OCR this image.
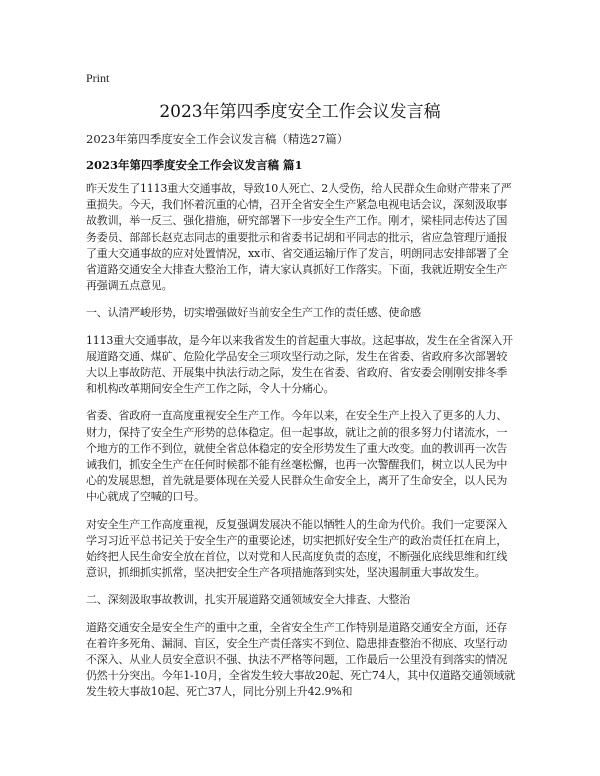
Print
2023年第四季度安全工作会议发言稿
2023年第四季度安全工作会议发言稿（精选27篇）
2023年第四季度安全工作会议发言稿 篇1

昨天发生了1113重大交通事故，导致10人死亡、2人受伤，给人民群众生命财产带来了严重损失。今天，我们怀着沉重的心情，召开全省安全生产紧急电视电话会议，深刻汲取事故教训，举一反三、强化措施，研究部署下一步安全生产工作。刚才，梁桂同志传达了国务委员、部部长赵克志同志的重要批示和省委书记胡和平同志的批示，省应急管理厅通报了重大交通事故的应对处置情况，xx市、省交通运输厅作了发言，明朗同志安排部署了全省道路交通安全大排查大整治工作，请大家认真抓好工作落实。下面，我就近期安全生产再强调五点意见。

一、认清严峻形势，切实增强做好当前安全生产工作的责任感、使命感

1113重大交通事故，是今年以来我省发生的首起重大事故。这起事故，发生在全省深入开展道路交通、煤矿、危险化学品安全三项攻坚行动之际，发生在省委、省政府多次部署较大以上事故防范、开展集中执法行动之际，发生在省委、省政府、省安委会刚刚安排冬季和机构改革期间安全生产工作之际，令人十分痛心。

省委、省政府一直高度重视安全生产工作。今年以来，在安全生产上投入了更多的人力、财力，保持了安全生产形势的总体稳定。但一起事故，就让之前的很多努力付诸流水，一个地方的工作不到位，就使全省总体稳定的安全形势发生了重大改变。血的教训再一次告诫我们，抓安全生产在任何时候都不能有丝毫松懈，也再一次警醒我们，树立以人民为中心的发展思想，首先就是要体现在关爱人民群众生命安全上，离开了生命安全，以人民为中心就成了空喊的口号。

对安全生产工作高度重视，反复强调发展决不能以牺牲人的生命为代价。我们一定要深入学习习近平总书记关于安全生产的重要论述，切实把抓好安全生产的政治责任扛在肩上，始终把人民生命安全放在首位，以对党和人民高度负责的态度，不断强化底线思维和红线意识，抓细抓实抓常，坚决把安全生产各项措施落到实处，坚决遏制重大事故发生。

二、深刻汲取事故教训，扎实开展道路交通领域安全大排查、大整治

道路交通安全是安全生产的重中之重，全省安全生产工作特别是道路交通安全方面，还存在着许多死角、漏洞、盲区，安全生产责任落实不到位、隐患排查整治不彻底、攻坚行动不深入、从业人员安全意识不强、执法不严格等问题，工作最后一公里没有到落实的情况仍然十分突出。今年1-10月，全省发生较大事故20起、死亡74人，其中仅道路交通领域就发生较大事故10起、死亡37人，同比分别上升42.9%和
